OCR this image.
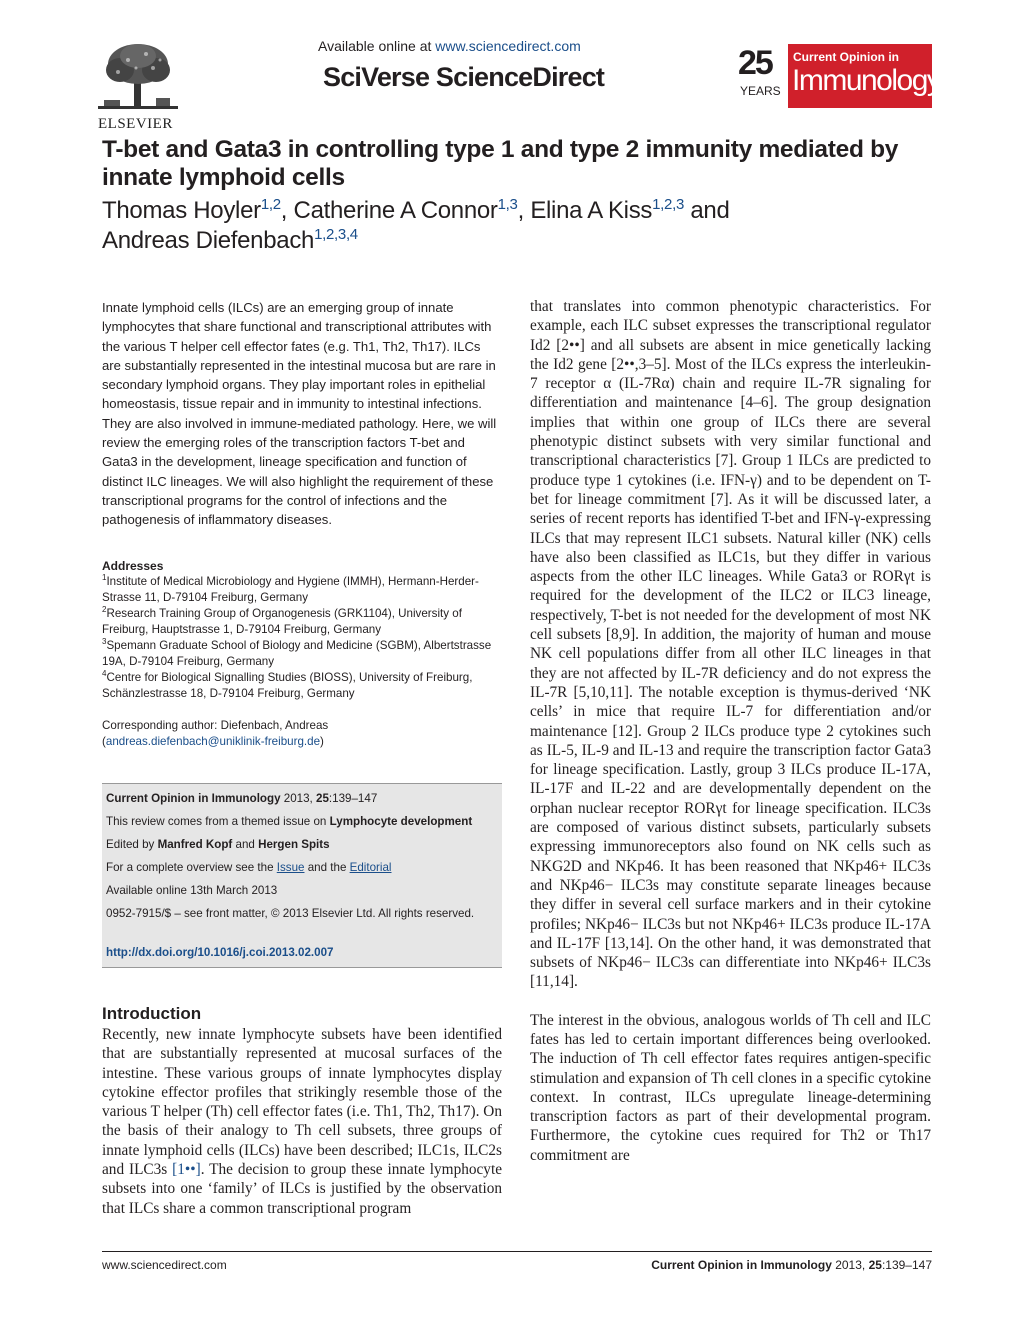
ELSEVIER
Available online at www.sciencedirect.com
SciVerse ScienceDirect	25
YEARS
Current Opinion in
Immunology
T-bet and Gata3 in controlling type 1 and type 2 immunity mediated by innate lymphoid cells
Thomas Hoyler$^{1,2}$, Catherine A Connor$^{1,3}$, Elina A Kiss$^{1,2,3}$ and
Andreas Diefenbach$^{1,2,3,4}$
Innate lymphoid cells (ILCs) are an emerging group of innate lymphocytes that share functional and transcriptional attributes with the various T helper cell effector fates (e.g. Th1, Th2, Th17). ILCs are substantially represented in the intestinal mucosa but are rare in secondary lymphoid organs. They play important roles in epithelial homeostasis, tissue repair and in immunity to intestinal infections. They are also involved in immune-mediated pathology. Here, we will review the emerging roles of the transcription factors T-bet and Gata3 in the development, lineage specification and function of distinct ILC lineages. We will also highlight the requirement of these transcriptional programs for the control of infections and the pathogenesis of inflammatory diseases.
Addresses
$^1$Institute of Medical Microbiology and Hygiene (IMMH), Hermann-Herder-Strasse 11, D-79104 Freiburg, Germany
$^2$Research Training Group of Organogenesis (GRK1104), University of Freiburg, Hauptstrasse 1, D-79104 Freiburg, Germany
$^3$Spemann Graduate School of Biology and Medicine (SGBM), Albertstrasse 19A, D-79104 Freiburg, Germany
$^4$Centre for Biological Signalling Studies (BIOSS), University of Freiburg, Schänzlestrasse 18, D-79104 Freiburg, Germany
Corresponding author: Diefenbach, Andreas
(andreas.diefenbach@uniklinik-freiburg.de)
Current Opinion in Immunology 2013, 25:139–147
This review comes from a themed issue on Lymphocyte development
Edited by Manfred Kopf and Hergen Spits
For a complete overview see the Issue and the Editorial
Available online 13th March 2013
0952-7915/$ – see front matter, © 2013 Elsevier Ltd. All rights reserved.
http://dx.doi.org/10.1016/j.coi.2013.02.007
Introduction
Recently, new innate lymphocyte subsets have been identified that are substantially represented at mucosal surfaces of the intestine. These various groups of innate lymphocytes display cytokine effector profiles that strikingly resemble those of the various T helper (Th) cell effector fates (i.e. Th1, Th2, Th17). On the basis of their analogy to Th cell subsets, three groups of innate lymphoid cells (ILCs) have been described; ILC1s, ILC2s and ILC3s [1••]. The decision to group these innate lymphocyte subsets into one ‘family’ of ILCs is justified by the observation that ILCs share a common transcriptional program

that translates into common phenotypic characteristics. For example, each ILC subset expresses the transcriptional regulator Id2 [2••] and all subsets are absent in mice genetically lacking the Id2 gene [2••,3–5]. Most of the ILCs express the interleukin-7 receptor α (IL-7Rα) chain and require IL-7R signaling for differentiation and maintenance [4–6]. The group designation implies that within one group of ILCs there are several phenotypic distinct subsets with very similar functional and transcriptional characteristics [7]. Group 1 ILCs are predicted to produce type 1 cytokines (i.e. IFN-γ) and to be dependent on T-bet for lineage commitment [7]. As it will be discussed later, a series of recent reports has identified T-bet and IFN-γ-expressing ILCs that may represent ILC1 subsets. Natural killer (NK) cells have also been classified as ILC1s, but they differ in various aspects from the other ILC lineages. While Gata3 or RORγt is required for the development of the ILC2 or ILC3 lineage, respectively, T-bet is not needed for the development of most NK cell subsets [8,9]. In addition, the majority of human and mouse NK cell populations differ from all other ILC lineages in that they are not affected by IL-7R deficiency and do not express the IL-7R [5,10,11]. The notable exception is thymus-derived ‘NK cells’ in mice that require IL-7 for differentiation and/or maintenance [12]. Group 2 ILCs produce type 2 cytokines such as IL-5, IL-9 and IL-13 and require the transcription factor Gata3 for lineage specification. Lastly, group 3 ILCs produce IL-17A, IL-17F and IL-22 and are developmentally dependent on the orphan nuclear receptor RORγt for lineage specification. ILC3s are composed of various distinct subsets, particularly subsets expressing immunoreceptors also found on NK cells such as NKG2D and NKp46. It has been reasoned that NKp46+ ILC3s and NKp46− ILC3s may constitute separate lineages because they differ in several cell surface markers and in their cytokine profiles; NKp46− ILC3s but not NKp46+ ILC3s produce IL-17A and IL-17F [13,14]. On the other hand, it was demonstrated that subsets of NKp46− ILC3s can differentiate into NKp46+ ILC3s [11,14].

The interest in the obvious, analogous worlds of Th cell and ILC fates has led to certain important differences being overlooked. The induction of Th cell effector fates requires antigen-specific stimulation and expansion of Th cell clones in a specific cytokine context. In contrast, ILCs upregulate lineage-determining transcription factors as part of their developmental program. Furthermore, the cytokine cues required for Th2 or Th17 commitment are

www.sciencedirect.com	Current Opinion in Immunology 2013, 25:139–147
